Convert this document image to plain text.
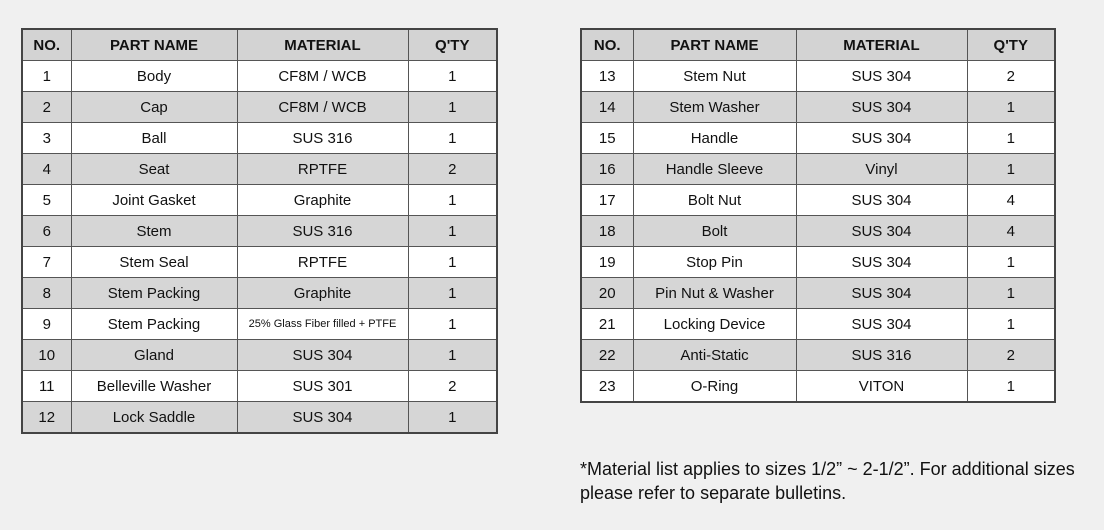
NO.	PART NAME	MATERIAL	Q'TY
1	Body	CF8M / WCB	1
2	Cap	CF8M / WCB	1
3	Ball	SUS 316	1
4	Seat	RPTFE	2
5	Joint Gasket	Graphite	1
6	Stem	SUS 316	1
7	Stem Seal	RPTFE	1
8	Stem Packing	Graphite	1
9	Stem Packing	25% Glass Fiber filled + PTFE	1
10	Gland	SUS 304	1
11	Belleville Washer	SUS 301	2
12	Lock Saddle	SUS 304	1
NO.	PART NAME	MATERIAL	Q'TY
13	Stem Nut	SUS 304	2
14	Stem Washer	SUS 304	1
15	Handle	SUS 304	1
16	Handle Sleeve	Vinyl	1
17	Bolt Nut	SUS 304	4
18	Bolt	SUS 304	4
19	Stop Pin	SUS 304	1
20	Pin Nut & Washer	SUS 304	1
21	Locking Device	SUS 304	1
22	Anti-Static	SUS 316	2
23	O-Ring	VITON	1
*Material list applies to sizes 1/2” ~ 2-1/2”. For additional sizes please refer to separate bulletins.
